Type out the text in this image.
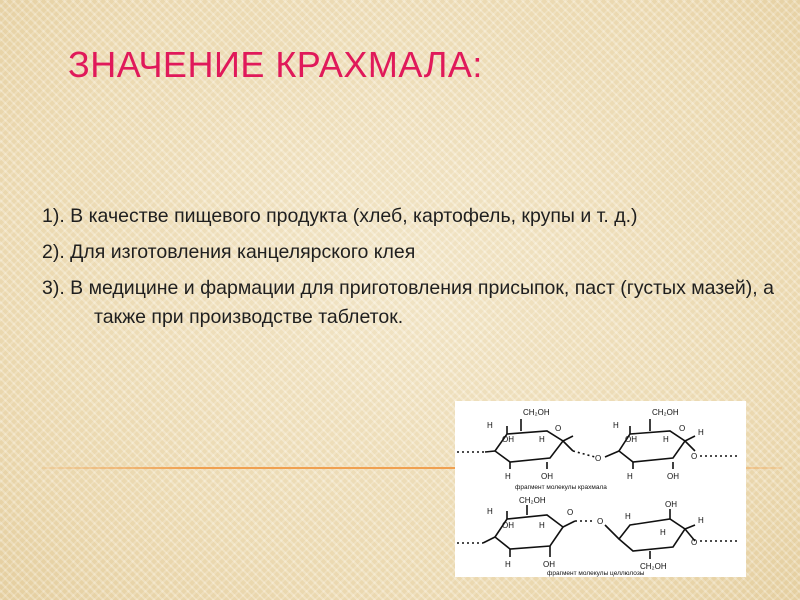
ЗНАЧЕНИЕ КРАХМАЛА:

1). В качестве пищевого продукта (хлеб, картофель, крупы и т. д.)

2). Для изготовления канцелярского клея

3). В медицине и фармации для приготовления присыпок, паст (густых мазей), а также при производстве таблеток.

CH₂OH	CH₂OH
H
H
OH
O
H	OH
O
H
H
OH
O
H	OH
H
O
фрагмент молекулы крахмала
CH₂OH
H
H
OH
O
H	OH
O
H
OH
H
CH₂OH
H
O
фрагмент молекулы целлюлозы
